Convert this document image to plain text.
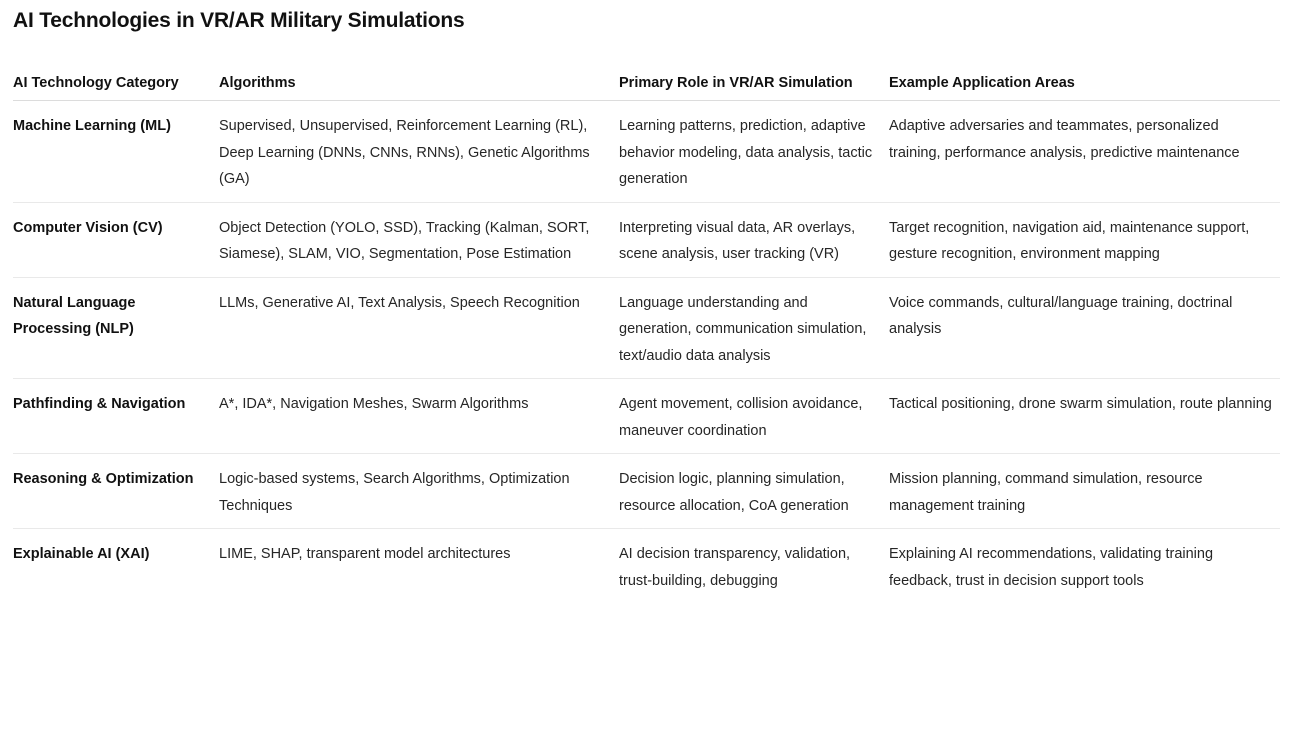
AI Technologies in VR/AR Military Simulations
AI Technology Category	Algorithms	Primary Role in VR/AR Simulation	Example Application Areas
Machine Learning (ML)	Supervised, Unsupervised, Reinforcement Learning (RL), Deep Learning (DNNs, CNNs, RNNs), Genetic Algorithms (GA)	Learning patterns, prediction, adaptive behavior modeling, data analysis, tactic generation	Adaptive adversaries and teammates, personalized training, performance analysis, predictive maintenance
Computer Vision (CV)	Object Detection (YOLO, SSD), Tracking (Kalman, SORT, Siamese), SLAM, VIO, Segmentation, Pose Estimation	Interpreting visual data, AR overlays, scene analysis, user tracking (VR)	Target recognition, navigation aid, maintenance support, gesture recognition, environment mapping
Natural Language Processing (NLP)	LLMs, Generative AI, Text Analysis, Speech Recognition	Language understanding and generation, communication simulation, text/audio data analysis	Voice commands, cultural/language training, doctrinal analysis
Pathfinding & Navigation	A*, IDA*, Navigation Meshes, Swarm Algorithms	Agent movement, collision avoidance, maneuver coordination	Tactical positioning, drone swarm simulation, route planning
Reasoning & Optimization	Logic-based systems, Search Algorithms, Optimization Techniques	Decision logic, planning simulation, resource allocation, CoA generation	Mission planning, command simulation, resource management training
Explainable AI (XAI)	LIME, SHAP, transparent model architectures	AI decision transparency, validation, trust-building, debugging	Explaining AI recommendations, validating training feedback, trust in decision support tools
